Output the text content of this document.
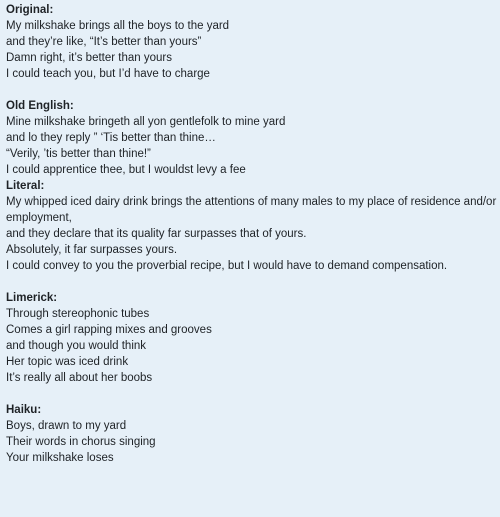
Original:
My milkshake brings all the boys to the yard
and they’re like, “It’s better than yours”
Damn right, it’s better than yours
I could teach you, but I’d have to charge
Old English:
Mine milkshake bringeth all yon gentlefolk to mine yard
and lo they reply ” ‘Tis better than thine…
“Verily, ’tis better than thine!”
I could apprentice thee, but I wouldst levy a fee
Literal:
My whipped iced dairy drink brings the attentions of many males to my place of residence and/or
employment,
and they declare that its quality far surpasses that of yours.
Absolutely, it far surpasses yours.
I could convey to you the proverbial recipe, but I would have to demand compensation.
Limerick:
Through stereophonic tubes
Comes a girl rapping mixes and grooves
and though you would think
Her topic was iced drink
It’s really all about her boobs
Haiku:
Boys, drawn to my yard
Their words in chorus singing
Your milkshake loses
